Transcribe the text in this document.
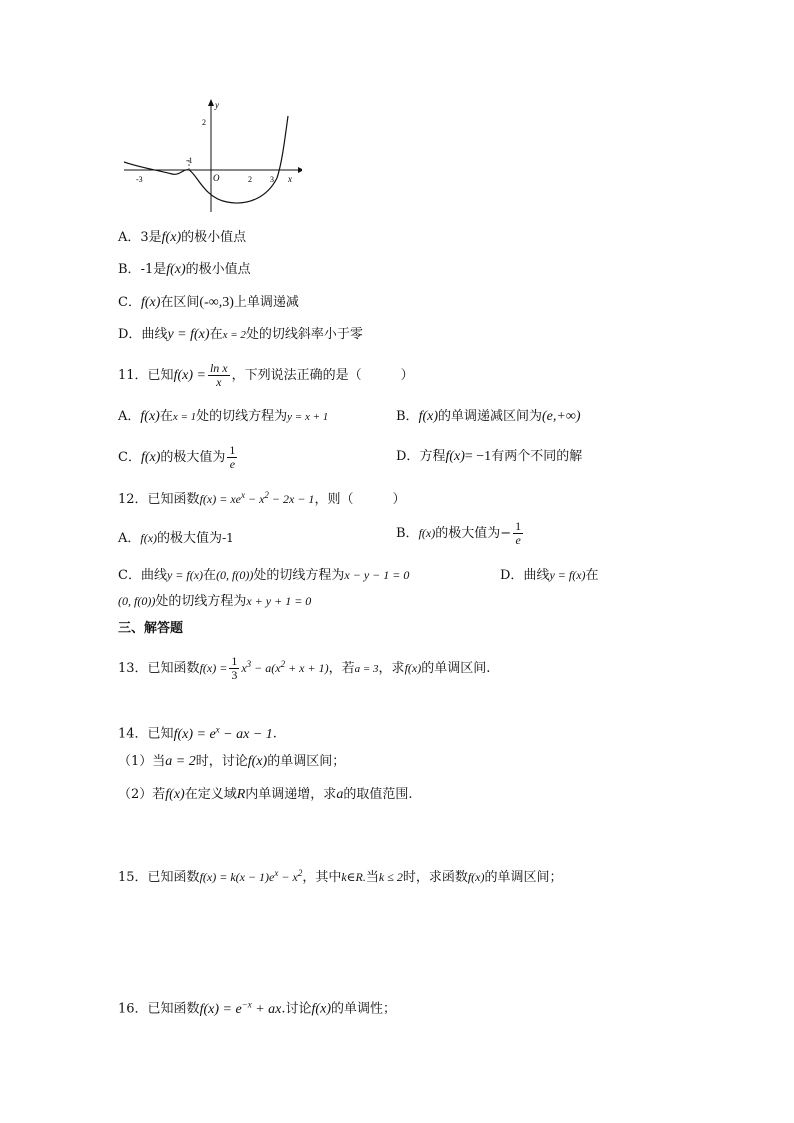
y
x
O
2
-3
-1
2 3
A．3是f(x)的极小值点
B．-1是f(x)的极小值点
C．f(x)在区间(-∞,3)上单调递减
D．曲线y = f(x)在x = 2处的切线斜率小于零
11．已知$f(x) = \frac{\text{ln x}}{x}$ ，下列说法正确的是（　　　）
A．f(x)在x = 1处的切线方程为y = x + 1	B．f(x)的单调递减区间为(e,+∞)
C．f(x)的极大值为 $\frac{1}{e}$	D．方程f(x)= −1有两个不同的解
12．已知函数$f(x) = xe^x - x^2 - 2x - 1$，则（　　　）
A．f(x)的极大值为-1	B．f(x)的极大值为− $\frac{1}{e}$
C．曲线y = f(x)在(0, f(0))处的切线方程为x − y − 1 = 0	D．曲线y = f(x)在
(0, f(0))处的切线方程为x + y + 1 = 0
三、解答题
13．已知函数$f(x) = \frac{1}{3} x^3 - a(x^2 + x + 1)$，若a = 3，求f(x)的单调区间.
14．已知$f(x) = e^x$ − ax − 1.
（1）当a = 2时，讨论f(x)的单调区间；
（2）若f(x)在定义域R内单调递增，求a的取值范围.
15．已知函数$f(x) = k(x - 1)e^x - x^2$，其中k∈R.当k ≤ 2时，求函数f(x)的单调区间；
16．已知函数$f(x) = e^{-x}$ + ax.讨论f(x)的单调性；
